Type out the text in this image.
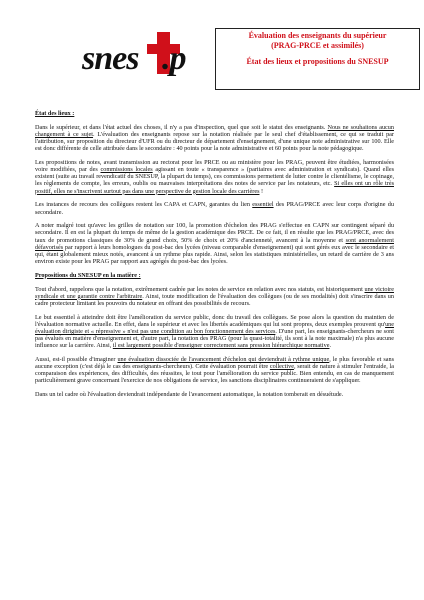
snes .p
Évaluation des enseignants du supérieur
(PRAG-PRCE et assimilés)
État des lieux et propositions du SNESUP
État des lieux :

Dans le supérieur, et dans l'état actuel des choses, il n'y a pas d'inspection, quel que soit le statut des enseignants. Nous ne souhaitons aucun changement à ce sujet. L'évaluation des enseignants repose sur la notation réalisée par le seul chef d'établissement, ce qui se traduit par l'attribution, sur proposition du directeur d'UFR ou du directeur de département d'enseignement, d'une unique note administrative sur 100. Elle est donc différente de celle attribuée dans le secondaire : 40 points pour la note administrative et 60 points pour la note pédagogique.

Les propositions de notes, avant transmission au rectorat pour les PRCE ou au ministère pour les PRAG, peuvent être étudiées, harmonisées voire modifiées, par des commissions locales agissant en toute « transparence » (paritaires avec administration et syndicats). Quand elles existent (suite au travail revendicatif du SNESUP, la plupart du temps), ces commissions permettent de lutter contre le clientélisme, le copinage, les règlements de compte, les erreurs, oublis ou mauvaises interprétations des notes de service par les notateurs, etc. Si elles ont un rôle très positif, elles ne s'inscrivent surtout pas dans une perspective de gestion locale des carrières !

Les instances de recours des collègues restent les CAPA et CAPN, garantes du lien essentiel des PRAG/PRCE avec leur corps d'origine du secondaire.

A noter malgré tout qu'avec les grilles de notation sur 100, la promotion d'échelon des PRAG s'effectue en CAPN sur contingent séparé du secondaire. Il en est la plupart du temps de même de la gestion académique des PRCE. De ce fait, il en résulte que les PRAG/PRCE, avec des taux de promotions classiques de 30% de grand choix, 50% de choix et 20% d'ancienneté, avancent à la moyenne et sont anormalement défavorisés par rapport à leurs homologues du post-bac des lycées (niveau comparable d'enseignement) qui sont gérés eux avec le secondaire et qui, étant globalement mieux notés, avancent à un rythme plus rapide. Ainsi, selon les statistiques ministérielles, un retard de carrière de 3 ans environ existe pour les PRAG par rapport aux agrégés du post-bac des lycées.

Propositions du SNESUP en la matière :

Tout d'abord, rappelons que la notation, extrêmement cadrée par les notes de service en relation avec nos statuts, est historiquement une victoire syndicale et une garantie contre l'arbitraire. Ainsi, toute modification de l'évaluation des collègues (ou de ses modalités) doit s'inscrire dans un cadre protecteur limitant les pouvoirs du notateur en offrant des possibilités de recours.

Le but essentiel à atteindre doit être l'amélioration du service public, donc du travail des collègues. Se pose alors la question du maintien de l'évaluation normative actuelle. En effet, dans le supérieur et avec les libertés académiques qui lui sont propres, deux exemples prouvent qu'une évaluation dirigiste et « répressive » n'est pas une condition au bon fonctionnement des services. D'une part, les enseignants-chercheurs ne sont pas évalués en matière d'enseignement et, d'autre part, la notation des PRAG (pour la quasi-totalité, ils sont à la note maximale) n'a plus aucune influence sur la carrière. Ainsi, il est largement possible d'enseigner correctement sans pression hiérarchique normative.

Aussi, est-il possible d'imaginer une évaluation dissociée de l'avancement d'échelon qui deviendrait à rythme unique, le plus favorable et sans aucune exception (c'est déjà le cas des enseignants-chercheurs). Cette évaluation pourrait être collective, serait de nature à stimuler l'entraide, la comparaison des expériences, des difficultés, des réussites, le tout pour l'amélioration du service public. Bien entendu, en cas de manquement particulièrement grave concernant l'exercice de nos obligations de service, les sanctions disciplinaires continueraient de s'appliquer.

Dans un tel cadre où l'évaluation deviendrait indépendante de l'avancement automatique, la notation tomberait en désuétude.
